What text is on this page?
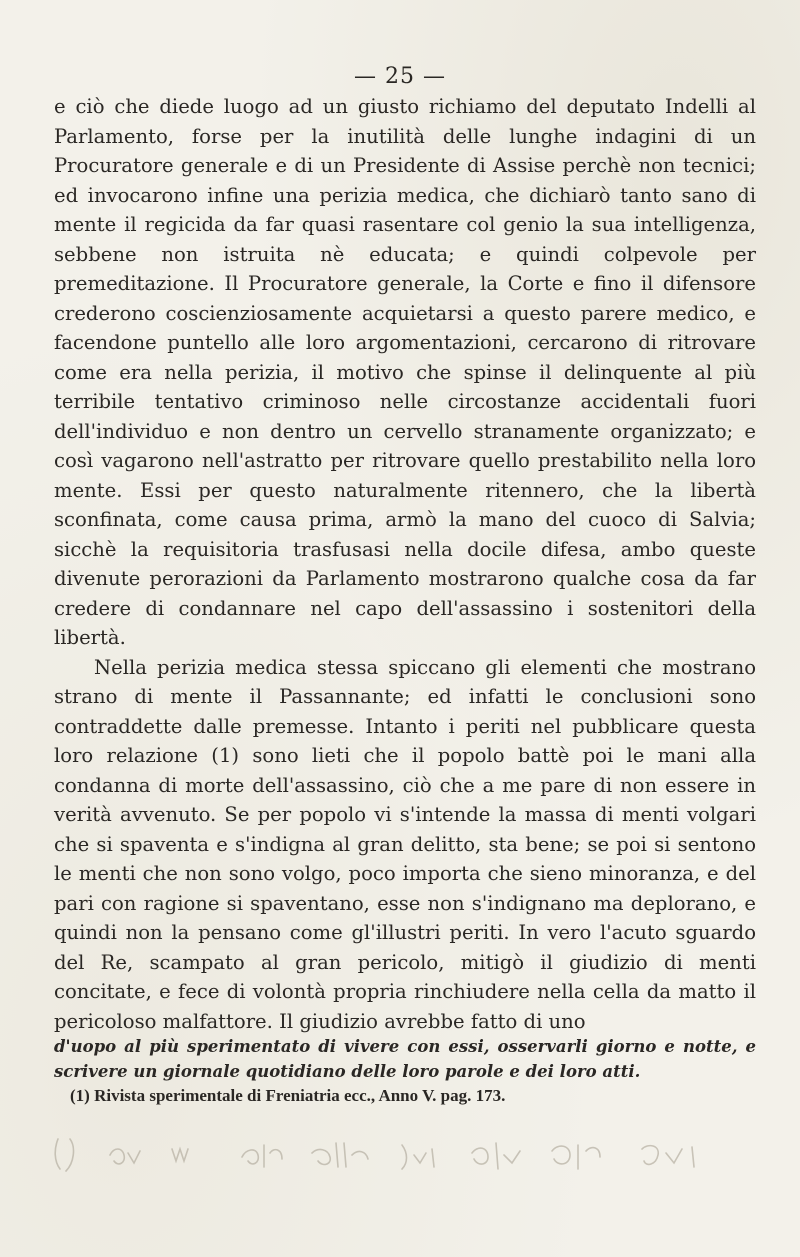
— 25 —

e ciò che diede luogo ad un giusto richiamo del deputato Indelli al Parlamento, forse per la inutilità delle lunghe indagini di un Procuratore generale e di un Presidente di Assise perchè non tecnici; ed invocarono infine una perizia medica, che dichiarò tanto sano di mente il regicida da far quasi rasentare col genio la sua intelligenza, sebbene non istruita nè educata; e quindi colpevole per premeditazione. Il Procuratore generale, la Corte e fino il difensore crederono coscienziosamente acquietarsi a questo parere medico, e facendone puntello alle loro argomentazioni, cercarono di ritrovare come era nella perizia, il motivo che spinse il delinquente al più terribile tentativo criminoso nelle circostanze accidentali fuori dell'individuo e non dentro un cervello stranamente organizzato; e così vagarono nell'astratto per ritrovare quello prestabilito nella loro mente. Essi per questo naturalmente ritennero, che la libertà sconfinata, come causa prima, armò la mano del cuoco di Salvia; sicchè la requisitoria trasfusasi nella docile difesa, ambo queste divenute perorazioni da Parlamento mostrarono qualche cosa da far credere di condannare nel capo dell'assassino i sostenitori della libertà.

Nella perizia medica stessa spiccano gli elementi che mostrano strano di mente il Passannante; ed infatti le conclusioni sono contraddette dalle premesse. Intanto i periti nel pubblicare questa loro relazione (1) sono lieti che il popolo battè poi le mani alla condanna di morte dell'assassino, ciò che a me pare di non essere in verità avvenuto. Se per popolo vi s'intende la massa di menti volgari che si spaventa e s'indigna al gran delitto, sta bene; se poi si sentono le menti che non sono volgo, poco importa che sieno minoranza, e del pari con ragione si spaventano, esse non s'indignano ma deplorano, e quindi non la pensano come gl'illustri periti. In vero l'acuto sguardo del Re, scampato al gran pericolo, mitigò il giudizio di menti concitate, e fece di volontà propria rinchiudere nella cella da matto il pericoloso malfattore. Il giudizio avrebbe fatto di uno

d'uopo al più sperimentato di vivere con essi, osservarli giorno e notte, e scrivere un giornale quotidiano delle loro parole e dei loro atti.

(1) Rivista sperimentale di Freniatria ecc., Anno V. pag. 173.
